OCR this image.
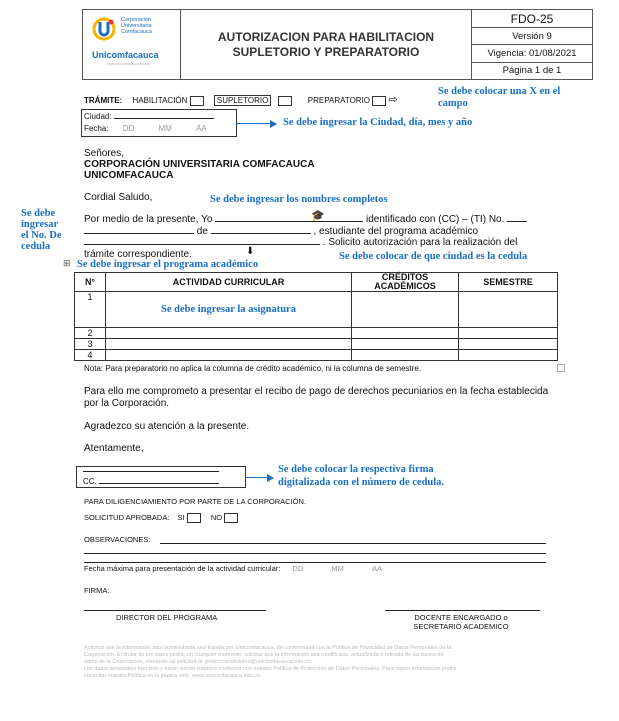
Corporación
Universitaria
Comfacauca
Unicomfacauca
www.unicomfacauca.edu.co

AUTORIZACION PARA HABILITACION
SUPLETORIO Y PREPARATORIO
	FDO-25
Versión 9
Vigencia: 01/08/2021
Página 1 de 1
TRÁMITE: HABILITACIÓN	SUPLETORIO	PREPARATORIO ⇨
Se debe colocar una X en el
campo
Ciudad:
Fecha: DD	MM	AA
Se debe ingresar la Ciudad, día, mes y año
Señores,
CORPORACIÓN UNIVERSITARIA COMFACAUCA
UNICOMFACAUCA
Cordial Saludo,	Se debe ingresar los nombres completos
Se debe
ingresar
el No. De
cedula
🎓
Por medio de la presente, Yo	identificado con (CC) – (TI) No.
de	, estudiante del programa académico
. Solicito autorización para la realización del
trámite correspondiente.	⬇	Se debe colocar de que ciudad es la cedula
⊞ Se debe ingresar el programa académico
N°	ACTIVIDAD CURRICULAR	CRÉDITOS ACADÉMICOS	SEMESTRE
1	Se debe ingresar la asignatura		
2			
3			
4			
Nota: Para preparatorio no aplica la columna de crédito académico, ni la columna de semestre.
Para ello me comprometo a presentar el recibo de pago de derechos pecuniarios en la fecha establecida por la Corporación.
Agradezco su atención a la presente.
Atentamente,
CC.
Se debe colocar la respectiva firma
digitalizada con el número de cedula.
PARA DILIGENCIAMIENTO POR PARTE DE LA CORPORACIÓN.
SOLICITUD APROBADA: SI	NO
OBSERVACIONES:
Fecha máxima para presentación de la actividad curricular: DD	MM	AA
FIRMA:
DIRECTOR DEL PROGRAMA	DOCENTE ENCARGADO o
SECRETARIO ACADEMICO
Autorizo que la información aquí suministrada sea tratada por Unicomfacauca, de conformidad con la Política de Privacidad de Datos Personales de la
Corporación. El titular de los datos podrá, en cualquier momento, solicitar que la información sea modificada, actualizada o retirada de las bases de
datos de la Corporación, elevando tal solicitud al: protecciondedatos@unicomfacauca.edu.co.
Los datos personales han sido y están siendo tratados conforme con nuestra Política de Protección de Datos Personales. Para mayor información podrá
consultar nuestra Política en la página web: www.unicomfacauca.edu.co.
